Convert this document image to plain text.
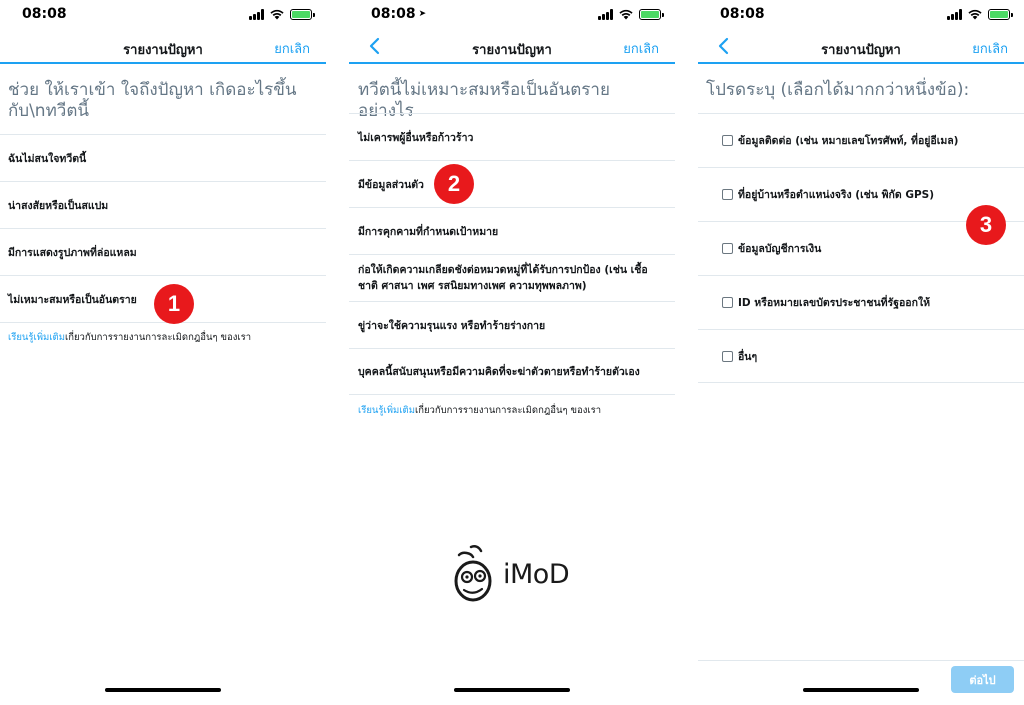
08:08
รายงานปัญหา	ยกเลิก
ช่วย ให้เราเข้า ใจถึงปัญหา เกิดอะไรขึ้นกับ\nทวีตนี้
ฉันไม่สนใจทวีตนี้
น่าสงสัยหรือเป็นสแปม
มีการแสดงรูปภาพที่ล่อแหลม
ไม่เหมาะสมหรือเป็นอันตราย
เรียนรู้เพิ่มเติมเกี่ยวกับการรายงานการละเมิดกฎอื่นๆ ของเรา
08:08 ➤
รายงานปัญหา	ยกเลิก
ทวีตนี้ไม่เหมาะสมหรือเป็นอันตรายอย่างไร
ไม่เคารพผู้อื่นหรือก้าวร้าว
มีข้อมูลส่วนตัว
มีการคุกคามที่กำหนดเป้าหมาย
ก่อให้เกิดความเกลียดชังต่อหมวดหมู่ที่ได้รับการปกป้อง (เช่น เชื้อชาติ ศาสนา เพศ รสนิยมทางเพศ ความทุพพลภาพ)
ขู่ว่าจะใช้ความรุนแรง หรือทำร้ายร่างกาย
บุคคลนี้สนับสนุนหรือมีความคิดที่จะฆ่าตัวตายหรือทำร้ายตัวเอง
เรียนรู้เพิ่มเติมเกี่ยวกับการรายงานการละเมิดกฎอื่นๆ ของเรา
08:08
รายงานปัญหา	ยกเลิก
โปรดระบุ (เลือกได้มากกว่าหนึ่งข้อ):
ข้อมูลติดต่อ (เช่น หมายเลขโทรศัพท์, ที่อยู่อีเมล)
ที่อยู่บ้านหรือตำแหน่งจริง (เช่น พิกัด GPS)
ข้อมูลบัญชีการเงิน
ID หรือหมายเลขบัตรประชาชนที่รัฐออกให้
อื่นๆ
ต่อไป
1
2
3
iMoD
